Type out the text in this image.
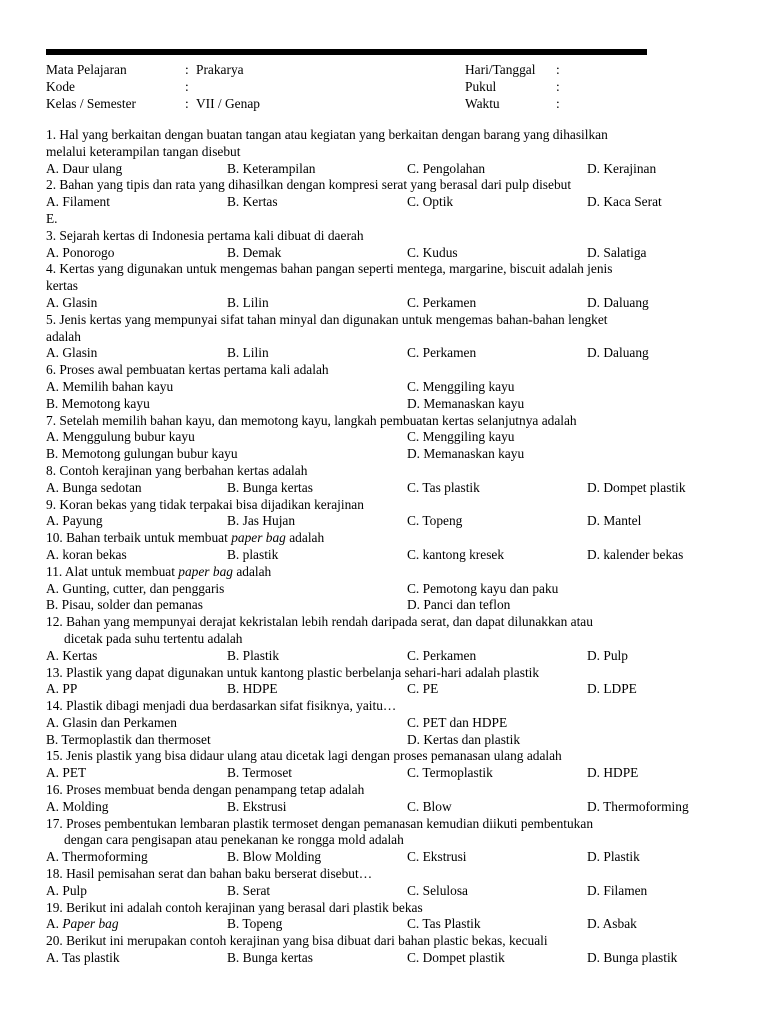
Mata Pelajaran	: Prakarya	Hari/Tanggal :
Kode	:	Pukul	:
Kelas / Semester	: VII / Genap	Waktu	:
1. Hal yang berkaitan dengan buatan tangan atau kegiatan yang berkaitan dengan barang yang dihasilkan
melalui keterampilan tangan disebut
A. Daur ulang	B. Keterampilan	C. Pengolahan	D. Kerajinan
2. Bahan yang tipis dan rata yang dihasilkan dengan kompresi serat yang berasal dari pulp disebut
A. Filament	B. Kertas	C. Optik	D. Kaca Serat
E.
3. Sejarah kertas di Indonesia pertama kali dibuat di daerah
A. Ponorogo	B. Demak	C. Kudus	D. Salatiga
4. Kertas yang digunakan untuk mengemas bahan pangan seperti mentega, margarine, biscuit adalah jenis
kertas
A. Glasin	B. Lilin	C. Perkamen	D. Daluang
5. Jenis kertas yang mempunyai sifat tahan minyal dan digunakan untuk mengemas bahan-bahan lengket
adalah
A. Glasin	B. Lilin	C. Perkamen	D. Daluang
6. Proses awal pembuatan kertas pertama kali adalah
A. Memilih bahan kayu	C. Menggiling kayu
B. Memotong kayu	D. Memanaskan kayu
7. Setelah memilih bahan kayu, dan memotong kayu, langkah pembuatan kertas selanjutnya adalah
A. Menggulung bubur kayu	C. Menggiling kayu
B. Memotong gulungan bubur kayu	D. Memanaskan kayu
8. Contoh kerajinan yang berbahan kertas adalah
A. Bunga sedotan	B. Bunga kertas	C. Tas plastik	D. Dompet plastik
9. Koran bekas yang tidak terpakai bisa dijadikan kerajinan
A. Payung	B. Jas Hujan	C. Topeng	D. Mantel
10. Bahan terbaik untuk membuat paper bag adalah
A. koran bekas	B. plastik	C. kantong kresek	D. kalender bekas
11. Alat untuk membuat paper bag adalah
A. Gunting, cutter, dan penggaris	C. Pemotong kayu dan paku
B. Pisau, solder dan pemanas	D. Panci dan teflon
12. Bahan yang mempunyai derajat kekristalan lebih rendah daripada serat, dan dapat dilunakkan atau
dicetak pada suhu tertentu adalah
A. Kertas	B. Plastik	C. Perkamen	D. Pulp
13. Plastik yang dapat digunakan untuk kantong plastic berbelanja sehari-hari adalah plastik
A. PP	B. HDPE	C. PE	D. LDPE
14. Plastik dibagi menjadi dua berdasarkan sifat fisiknya, yaitu…
A. Glasin dan Perkamen	C. PET dan HDPE
B. Termoplastik dan thermoset	D. Kertas dan plastik
15. Jenis plastik yang bisa didaur ulang atau dicetak lagi dengan proses pemanasan ulang adalah
A. PET	B. Termoset	C. Termoplastik	D. HDPE
16. Proses membuat benda dengan penampang tetap adalah
A. Molding	B. Ekstrusi	C. Blow	D. Thermoforming
17. Proses pembentukan lembaran plastik termoset dengan pemanasan kemudian diikuti pembentukan
dengan cara pengisapan atau penekanan ke rongga mold adalah
A. Thermoforming	B. Blow Molding	C. Ekstrusi	D. Plastik
18. Hasil pemisahan serat dan bahan baku berserat disebut…
A. Pulp	B. Serat	C. Selulosa	D. Filamen
19. Berikut ini adalah contoh kerajinan yang berasal dari plastik bekas
A. Paper bag	B. Topeng	C. Tas Plastik	D. Asbak
20. Berikut ini merupakan contoh kerajinan yang bisa dibuat dari bahan plastic bekas, kecuali
A. Tas plastik	B. Bunga kertas	C. Dompet plastik	D. Bunga plastik
